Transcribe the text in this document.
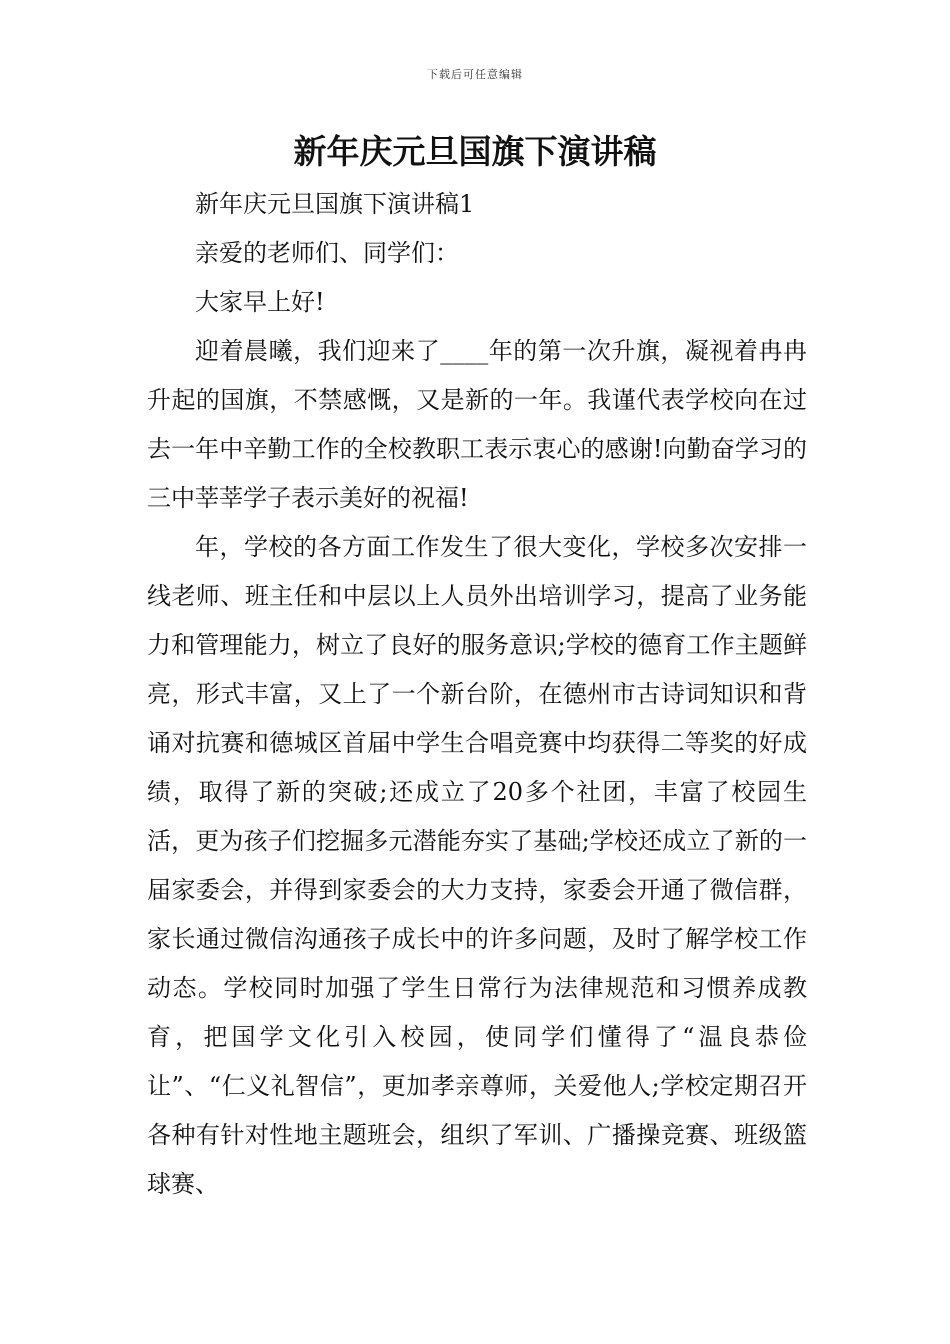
下载后可任意编辑
新年庆元旦国旗下演讲稿

新年庆元旦国旗下演讲稿1

亲爱的老师们、同学们：

大家早上好!

迎着晨曦，我们迎来了____年的第一次升旗，凝视着冉冉升起的国旗，不禁感慨，又是新的一年。我谨代表学校向在过去一年中辛勤工作的全校教职工表示衷心的感谢!向勤奋学习的三中莘莘学子表示美好的祝福!

年，学校的各方面工作发生了很大变化，学校多次安排一线老师、班主任和中层以上人员外出培训学习，提高了业务能力和管理能力，树立了良好的服务意识;学校的德育工作主题鲜亮，形式丰富，又上了一个新台阶，在德州市古诗词知识和背诵对抗赛和德城区首届中学生合唱竞赛中均获得二等奖的好成绩，取得了新的突破;还成立了20多个社团，丰富了校园生活，更为孩子们挖掘多元潜能夯实了基础;学校还成立了新的一届家委会，并得到家委会的大力支持，家委会开通了微信群，家长通过微信沟通孩子成长中的许多问题，及时了解学校工作动态。学校同时加强了学生日常行为法律规范和习惯养成教育，把国学文化引入校园，使同学们懂得了“温良恭俭让”、“仁义礼智信”，更加孝亲尊师，关爱他人;学校定期召开各种有针对性地主题班会，组织了军训、广播操竞赛、班级篮球赛、
